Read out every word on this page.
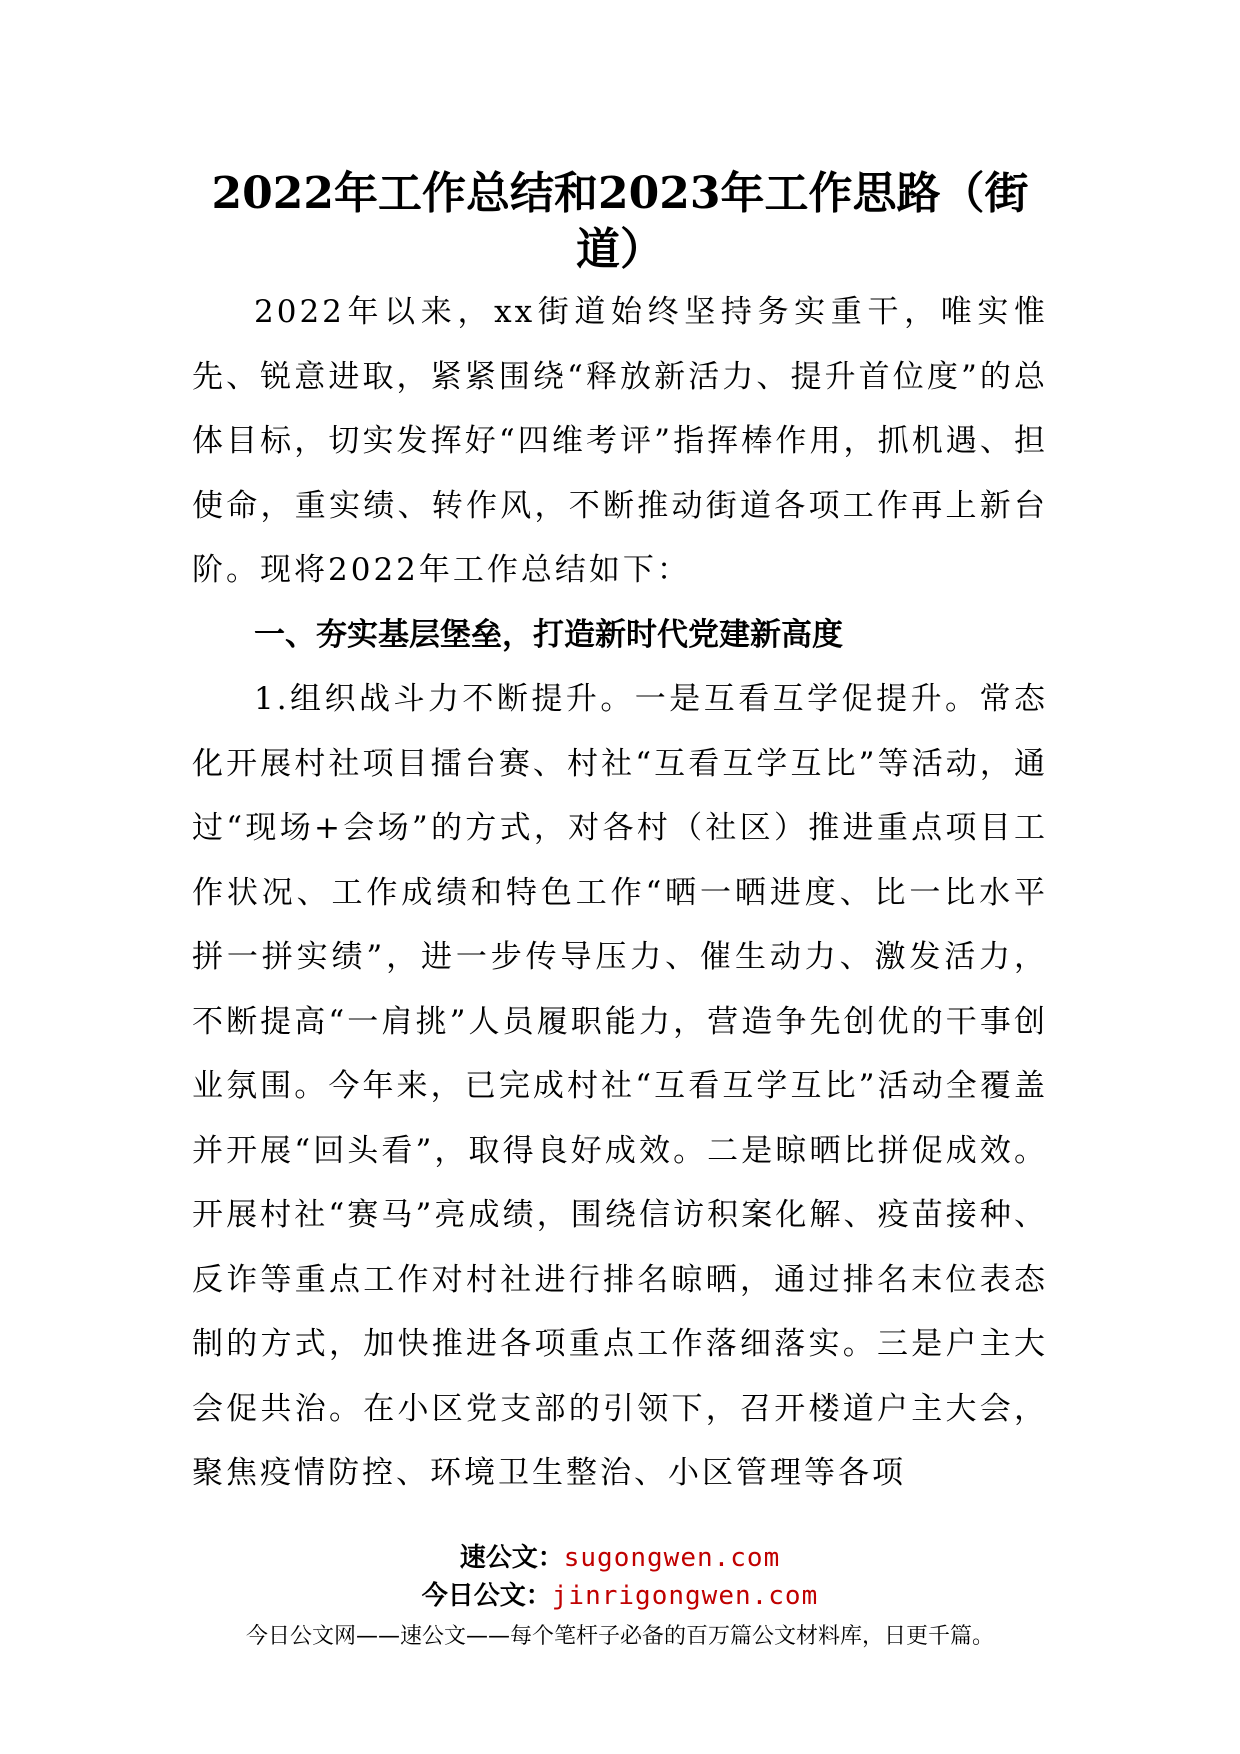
2022年工作总结和2023年工作思路（街道）

2022年以来，xx街道始终坚持务实重干，唯实惟先、锐意进取，紧紧围绕“释放新活力、提升首位度”的总体目标，切实发挥好“四维考评”指挥棒作用，抓机遇、担使命，重实绩、转作风，不断推动街道各项工作再上新台阶。现将2022年工作总结如下：

一、夯实基层堡垒，打造新时代党建新高度

1.组织战斗力不断提升。一是互看互学促提升。常态化开展村社项目擂台赛、村社“互看互学互比”等活动，通过“现场+会场”的方式，对各村（社区）推进重点项目工作状况、工作成绩和特色工作“晒一晒进度、比一比水平拼一拼实绩”，进一步传导压力、催生动力、激发活力，不断提高“一肩挑”人员履职能力，营造争先创优的干事创业氛围。今年来，已完成村社“互看互学互比”活动全覆盖并开展“回头看”，取得良好成效。二是晾晒比拼促成效。开展村社“赛马”亮成绩，围绕信访积案化解、疫苗接种、反诈等重点工作对村社进行排名晾晒，通过排名末位表态制的方式，加快推进各项重点工作落细落实。三是户主大会促共治。在小区党支部的引领下，召开楼道户主大会，聚焦疫情防控、环境卫生整治、小区管理等各项

速公文：sugongwen.com
今日公文：jinrigongwen.com
今日公文网——速公文——每个笔杆子必备的百万篇公文材料库，日更千篇。
